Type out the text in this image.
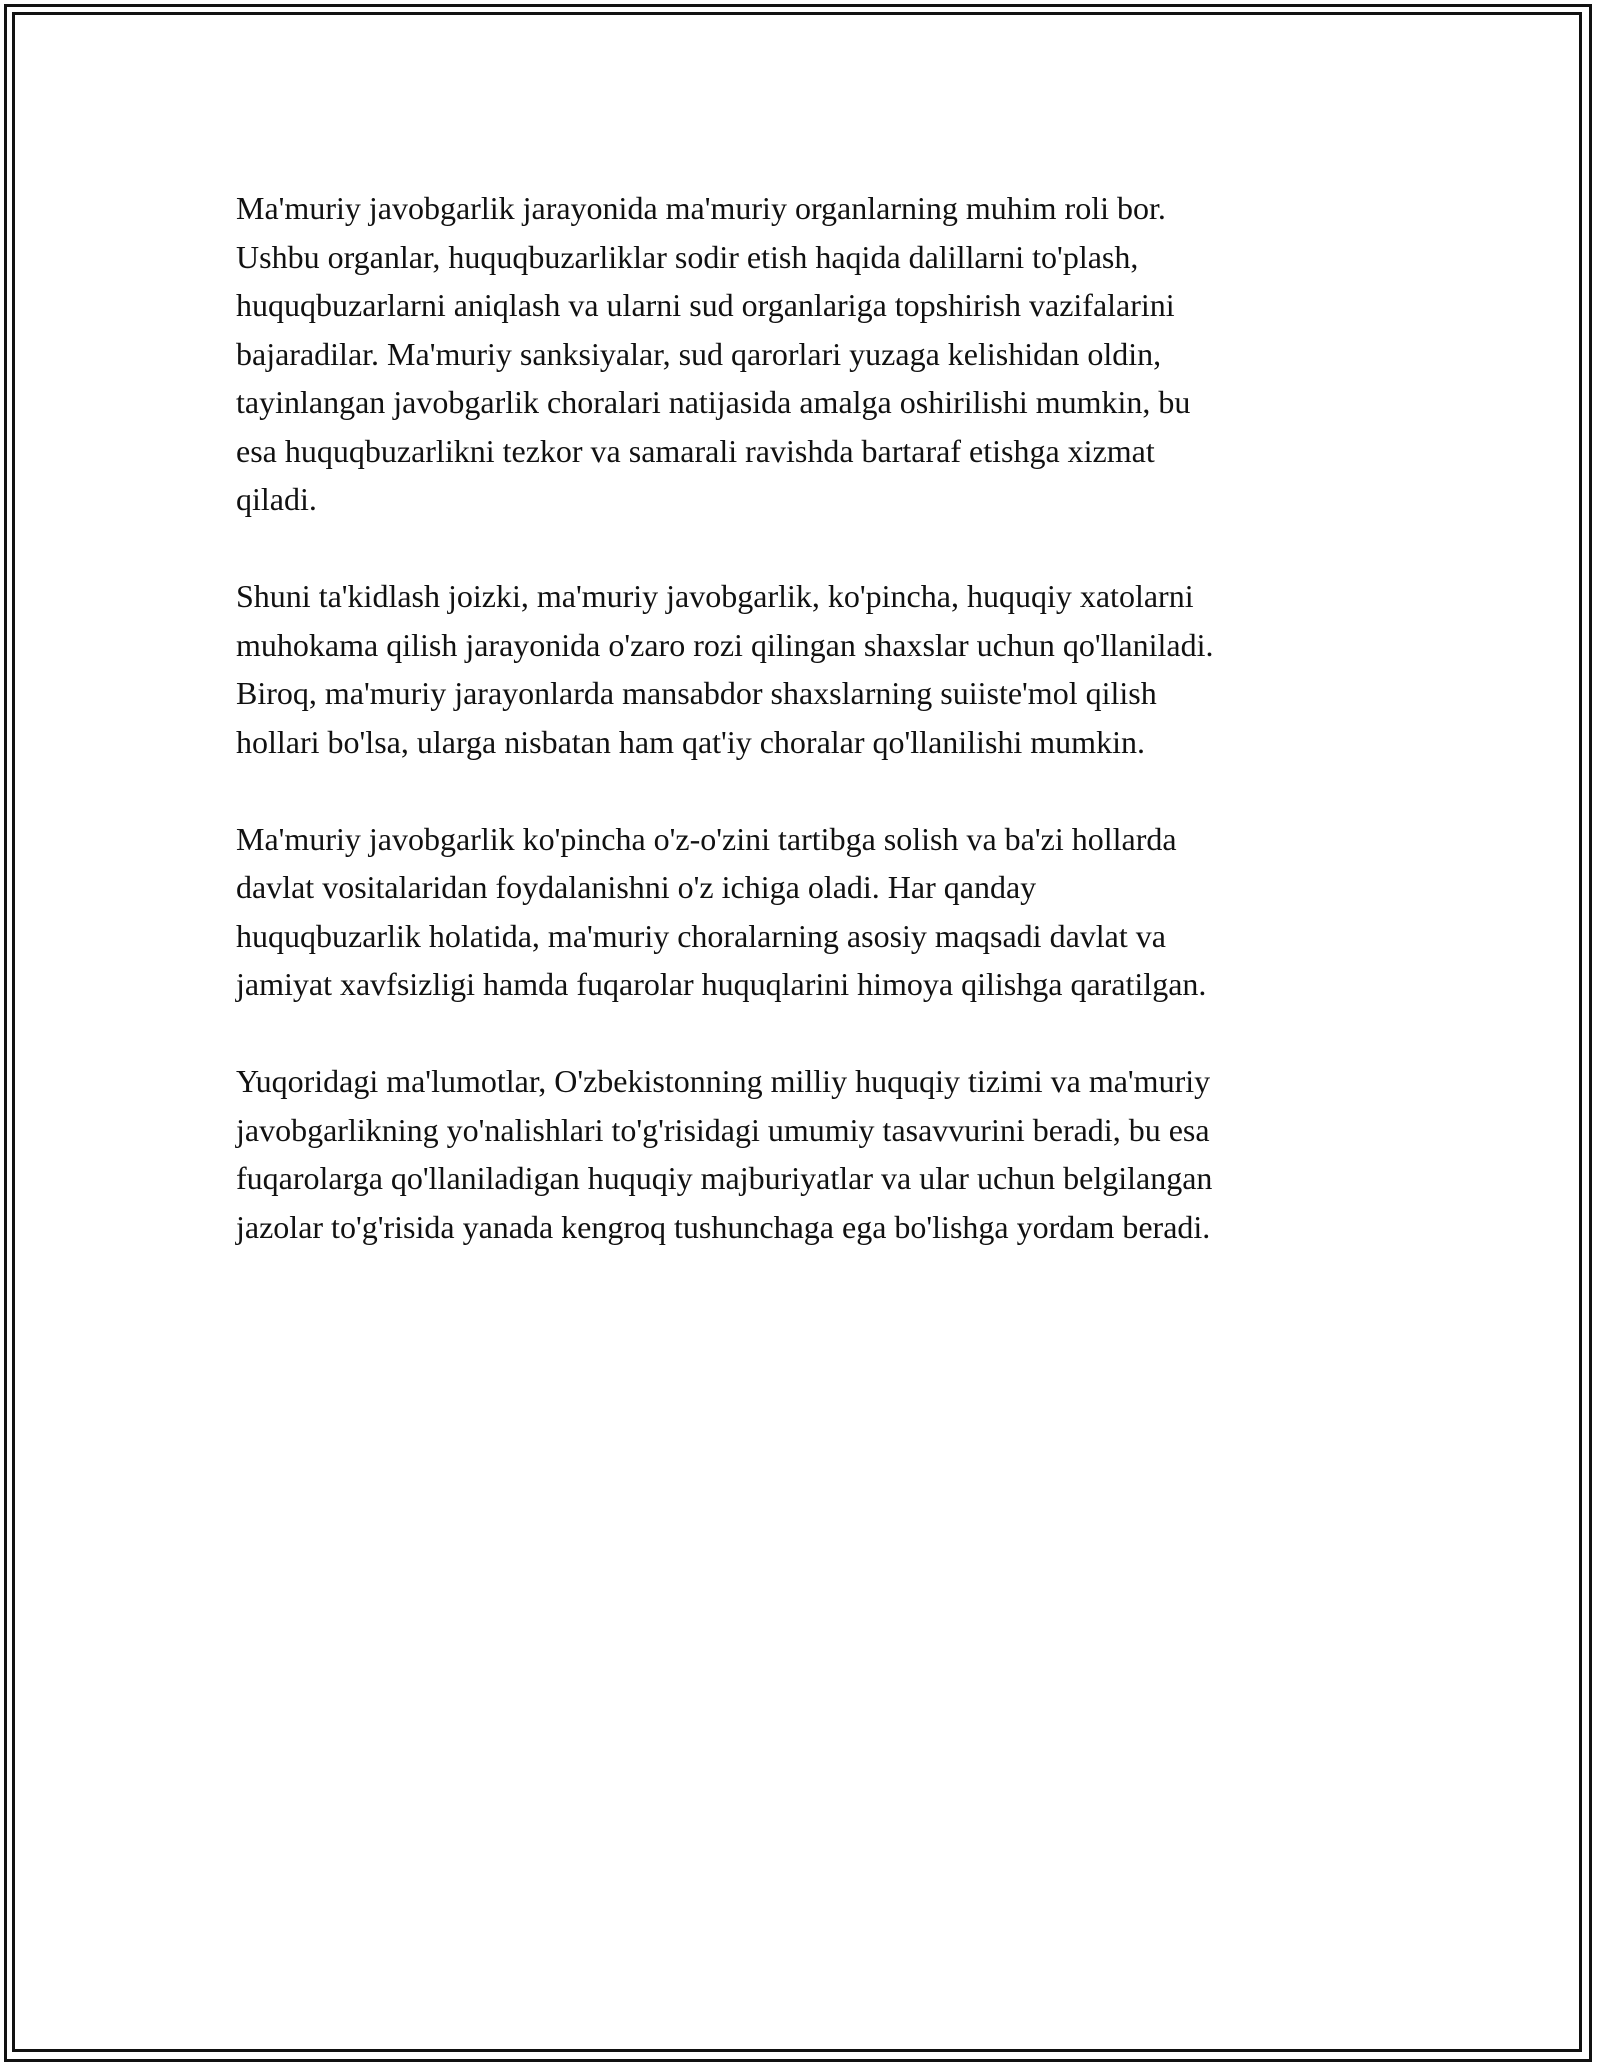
Ma'muriy javobgarlik jarayonida ma'muriy organlarning muhim roli bor.
Ushbu organlar, huquqbuzarliklar sodir etish haqida dalillarni to'plash,
huquqbuzarlarni aniqlash va ularni sud organlariga topshirish vazifalarini
bajaradilar. Ma'muriy sanksiyalar, sud qarorlari yuzaga kelishidan oldin,
tayinlangan javobgarlik choralari natijasida amalga oshirilishi mumkin, bu
esa huquqbuzarlikni tezkor va samarali ravishda bartaraf etishga xizmat
qiladi.

Shuni ta'kidlash joizki, ma'muriy javobgarlik, ko'pincha, huquqiy xatolarni
muhokama qilish jarayonida o'zaro rozi qilingan shaxslar uchun qo'llaniladi.
Biroq, ma'muriy jarayonlarda mansabdor shaxslarning suiiste'mol qilish
hollari bo'lsa, ularga nisbatan ham qat'iy choralar qo'llanilishi mumkin.

Ma'muriy javobgarlik ko'pincha o'z-o'zini tartibga solish va ba'zi hollarda
davlat vositalaridan foydalanishni o'z ichiga oladi. Har qanday
huquqbuzarlik holatida, ma'muriy choralarning asosiy maqsadi davlat va
jamiyat xavfsizligi hamda fuqarolar huquqlarini himoya qilishga qaratilgan.

Yuqoridagi ma'lumotlar, O'zbekistonning milliy huquqiy tizimi va ma'muriy
javobgarlikning yo'nalishlari to'g'risidagi umumiy tasavvurini beradi, bu esa
fuqarolarga qo'llaniladigan huquqiy majburiyatlar va ular uchun belgilangan
jazolar to'g'risida yanada kengroq tushunchaga ega bo'lishga yordam beradi.
